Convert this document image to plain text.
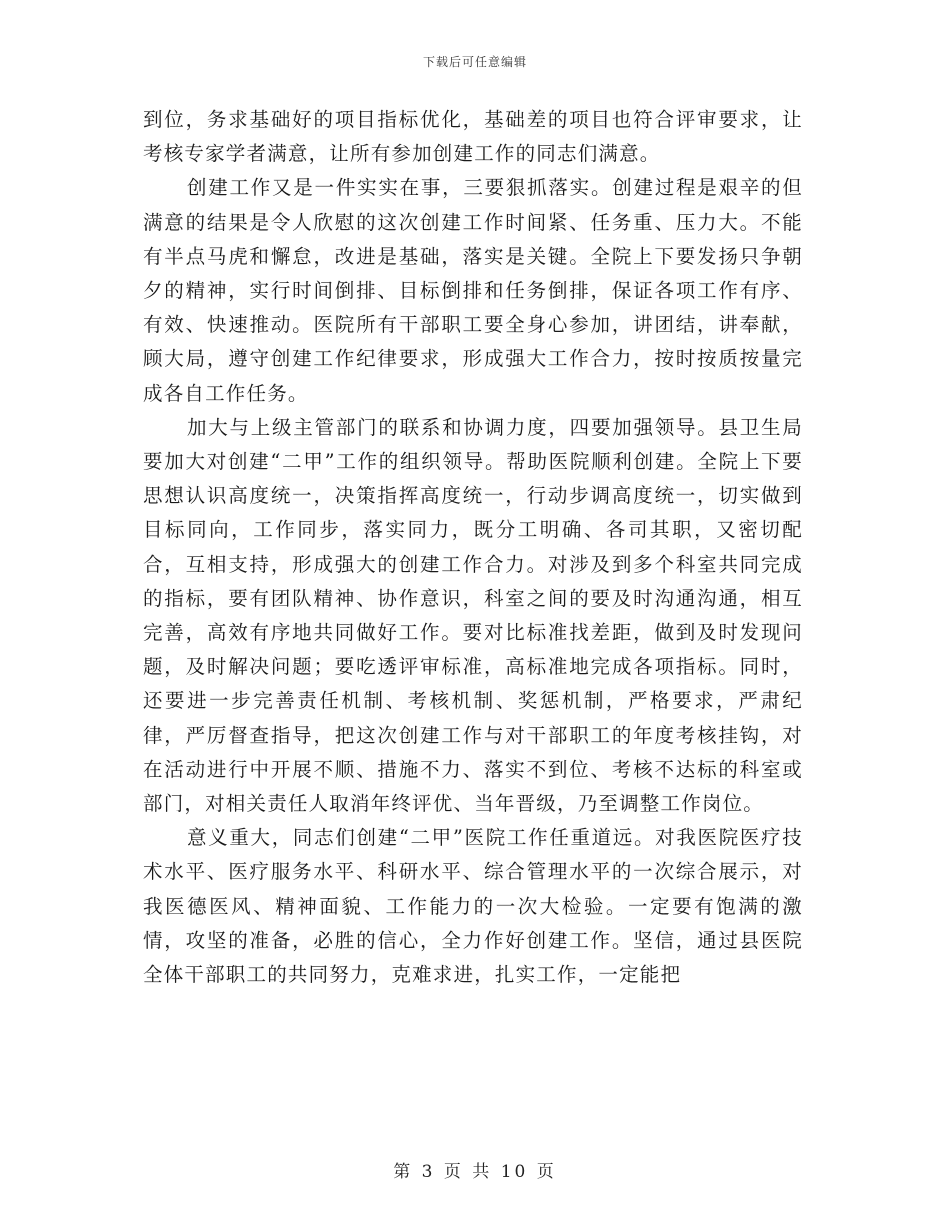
下载后可任意编辑

到位，务求基础好的项目指标优化，基础差的项目也符合评审要求，让考核专家学者满意，让所有参加创建工作的同志们满意。

创建工作又是一件实实在事，三要狠抓落实。创建过程是艰辛的但满意的结果是令人欣慰的这次创建工作时间紧、任务重、压力大。不能有半点马虎和懈怠，改进是基础，落实是关键。全院上下要发扬只争朝夕的精神，实行时间倒排、目标倒排和任务倒排，保证各项工作有序、有效、快速推动。医院所有干部职工要全身心参加，讲团结，讲奉献，顾大局，遵守创建工作纪律要求，形成强大工作合力，按时按质按量完成各自工作任务。

加大与上级主管部门的联系和协调力度，四要加强领导。县卫生局要加大对创建“二甲”工作的组织领导。帮助医院顺利创建。全院上下要思想认识高度统一，决策指挥高度统一，行动步调高度统一，切实做到目标同向，工作同步，落实同力，既分工明确、各司其职，又密切配合，互相支持，形成强大的创建工作合力。对涉及到多个科室共同完成的指标，要有团队精神、协作意识，科室之间的要及时沟通沟通，相互完善，高效有序地共同做好工作。要对比标准找差距，做到及时发现问题，及时解决问题；要吃透评审标准，高标准地完成各项指标。同时，还要进一步完善责任机制、考核机制、奖惩机制，严格要求，严肃纪律，严厉督查指导，把这次创建工作与对干部职工的年度考核挂钩，对在活动进行中开展不顺、措施不力、落实不到位、考核不达标的科室或部门，对相关责任人取消年终评优、当年晋级，乃至调整工作岗位。

意义重大，同志们创建“二甲”医院工作任重道远。对我医院医疗技术水平、医疗服务水平、科研水平、综合管理水平的一次综合展示，对我医德医风、精神面貌、工作能力的一次大检验。一定要有饱满的激情，攻坚的准备，必胜的信心，全力作好创建工作。坚信，通过县医院全体干部职工的共同努力，克难求进，扎实工作，一定能把

第 3 页 共 10 页
